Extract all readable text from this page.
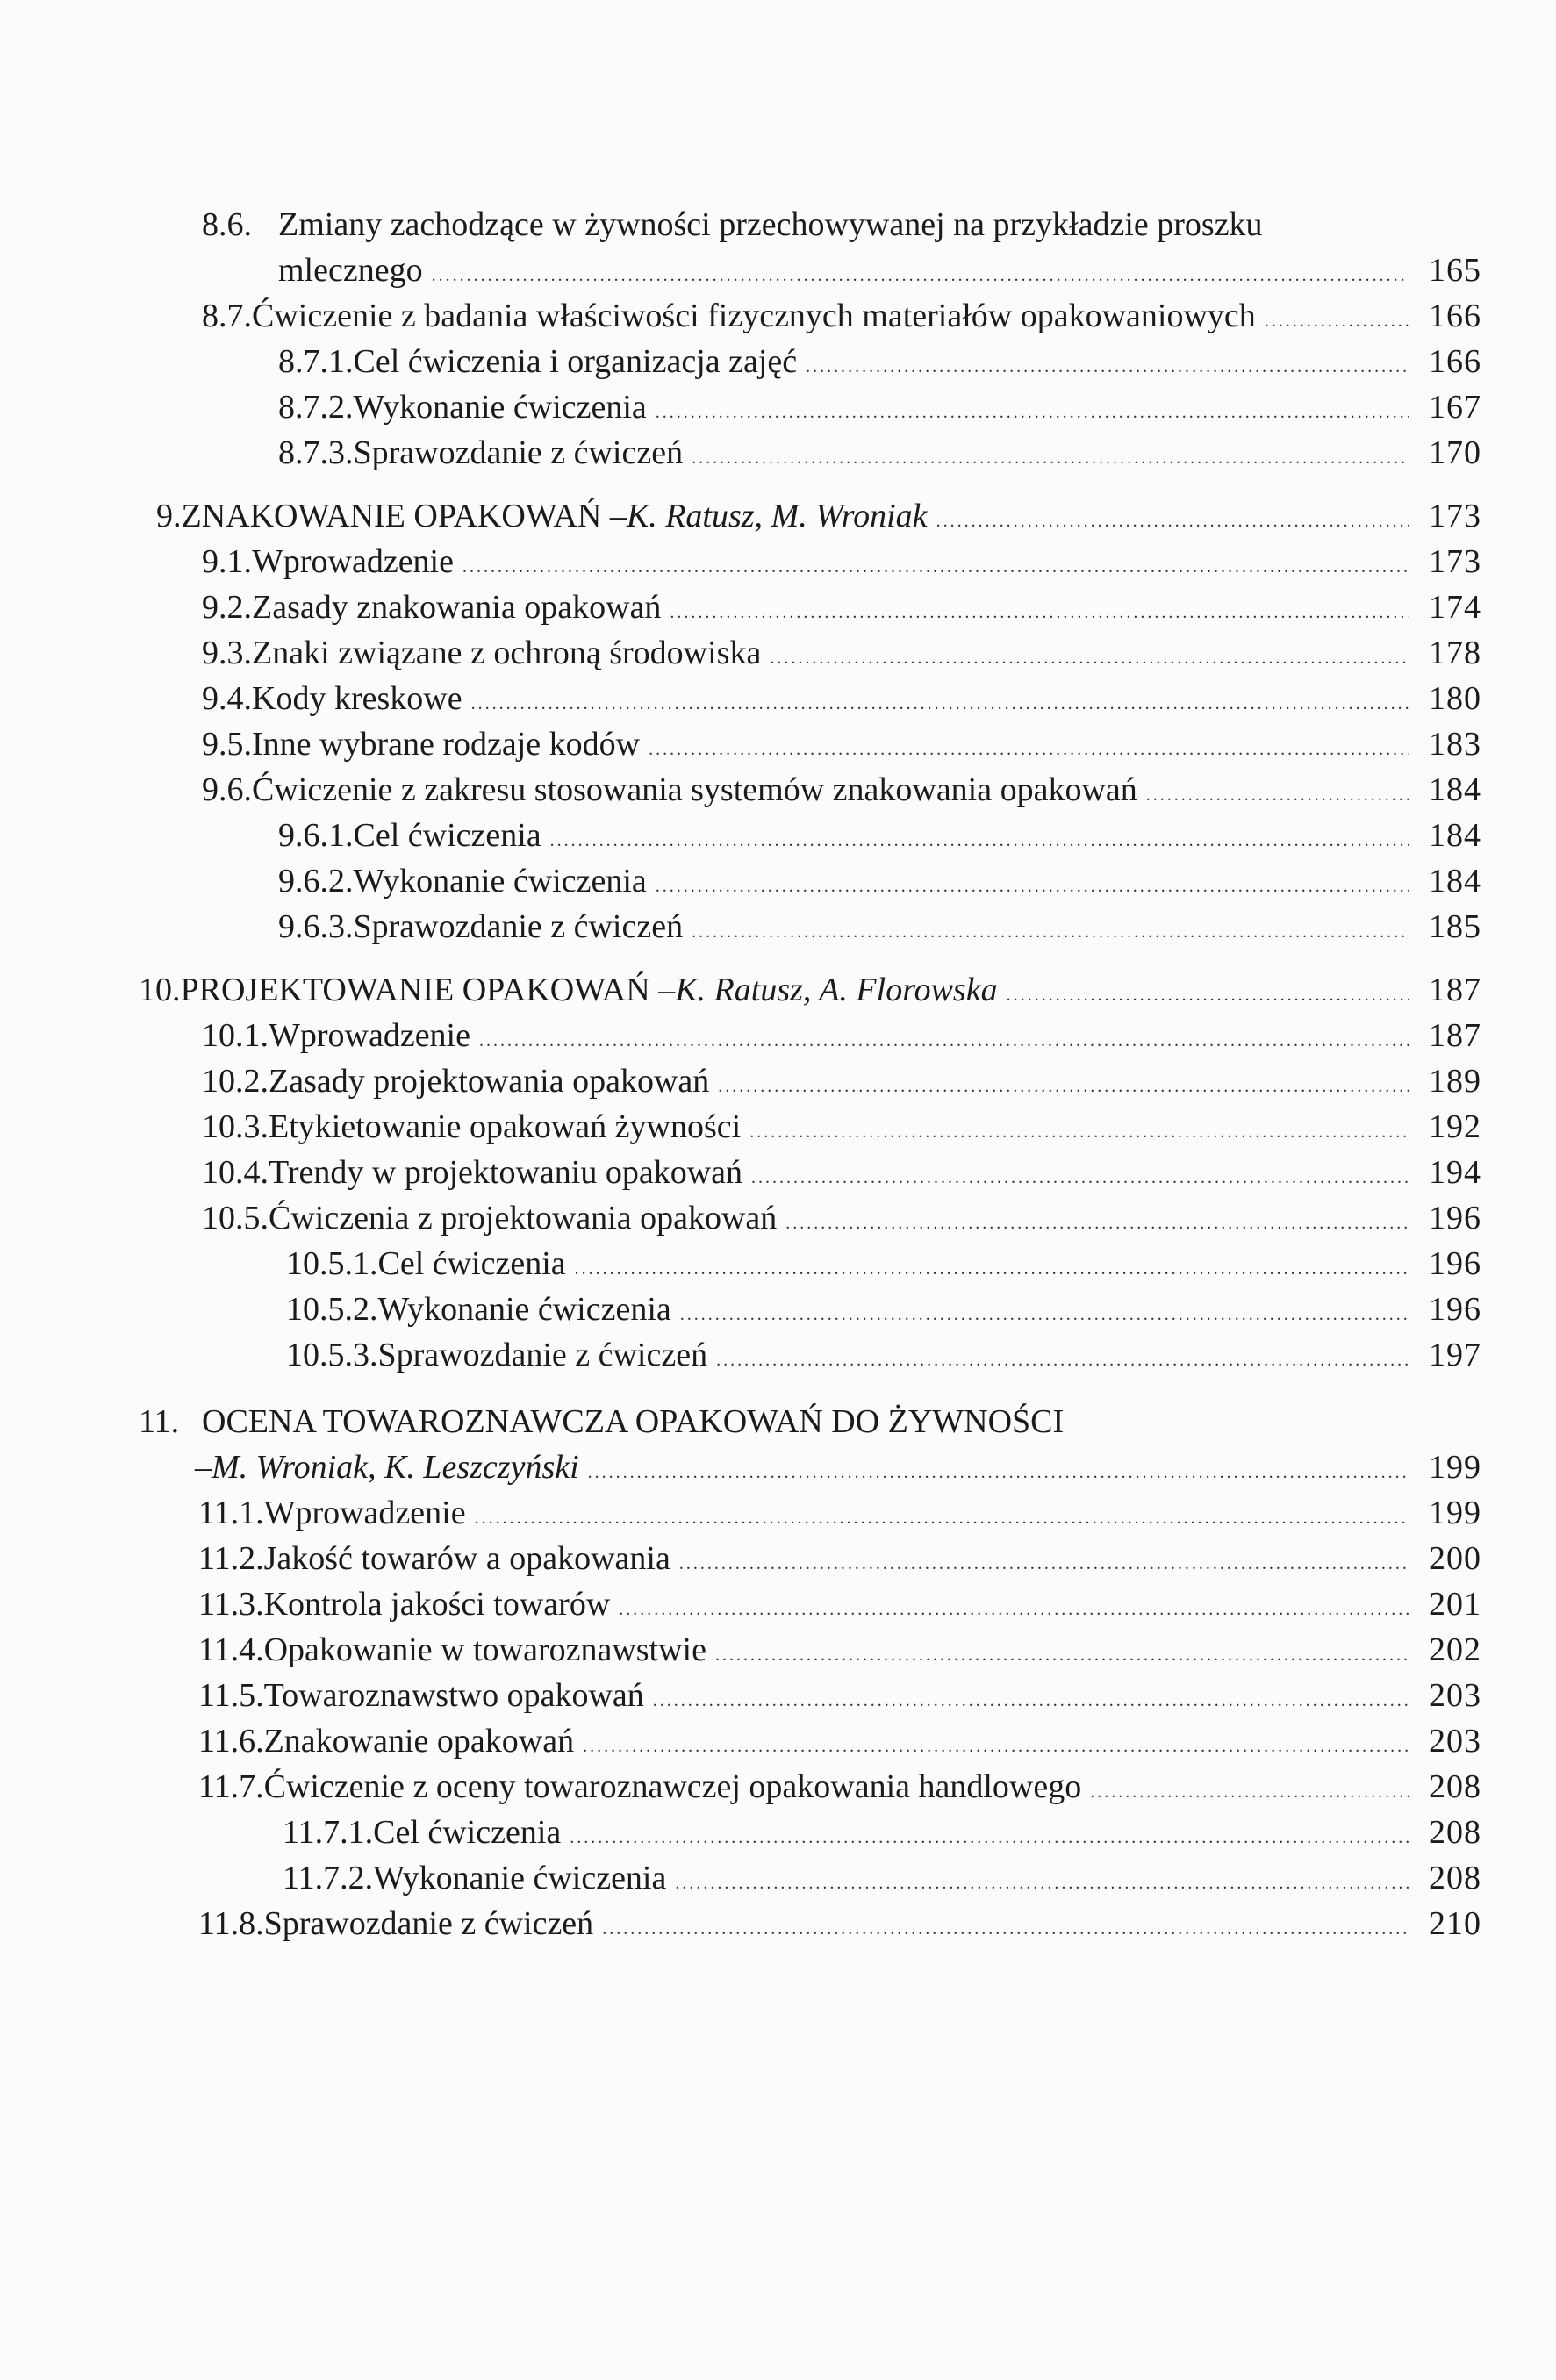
8.6. Zmiany zachodzące w żywności przechowywanej na przykładzie proszku
mlecznego .....	165
8.7. Ćwiczenie z badania właściwości fizycznych materiałów opakowaniowych .....	166
8.7.1. Cel ćwiczenia i organizacja zajęć .....	166
8.7.2. Wykonanie ćwiczenia .....	167
8.7.3. Sprawozdanie z ćwiczeń .....	170
9. ZNAKOWANIE OPAKOWAŃ – K. Ratusz, M. Wroniak .....	173
9.1. Wprowadzenie .....	173
9.2. Zasady znakowania opakowań .....	174
9.3. Znaki związane z ochroną środowiska .....	178
9.4. Kody kreskowe .....	180
9.5. Inne wybrane rodzaje kodów .....	183
9.6. Ćwiczenie z zakresu stosowania systemów znakowania opakowań .....	184
9.6.1. Cel ćwiczenia .....	184
9.6.2. Wykonanie ćwiczenia .....	184
9.6.3. Sprawozdanie z ćwiczeń .....	185
10. PROJEKTOWANIE OPAKOWAŃ – K. Ratusz, A. Florowska .....	187
10.1. Wprowadzenie .....	187
10.2. Zasady projektowania opakowań .....	189
10.3. Etykietowanie opakowań żywności .....	192
10.4. Trendy w projektowaniu opakowań .....	194
10.5. Ćwiczenia z projektowania opakowań .....	196
10.5.1. Cel ćwiczenia .....	196
10.5.2. Wykonanie ćwiczenia .....	196
10.5.3. Sprawozdanie z ćwiczeń .....	197
11. OCENA TOWAROZNAWCZA OPAKOWAŃ DO ŻYWNOŚCI
– M. Wroniak, K. Leszczyński .....	199
11.1. Wprowadzenie .....	199
11.2. Jakość towarów a opakowania .....	200
11.3. Kontrola jakości towarów .....	201
11.4. Opakowanie w towaroznawstwie .....	202
11.5. Towaroznawstwo opakowań .....	203
11.6. Znakowanie opakowań .....	203
11.7. Ćwiczenie z oceny towaroznawczej opakowania handlowego .....	208
11.7.1. Cel ćwiczenia .....	208
11.7.2. Wykonanie ćwiczenia .....	208
11.8. Sprawozdanie z ćwiczeń .....	210
